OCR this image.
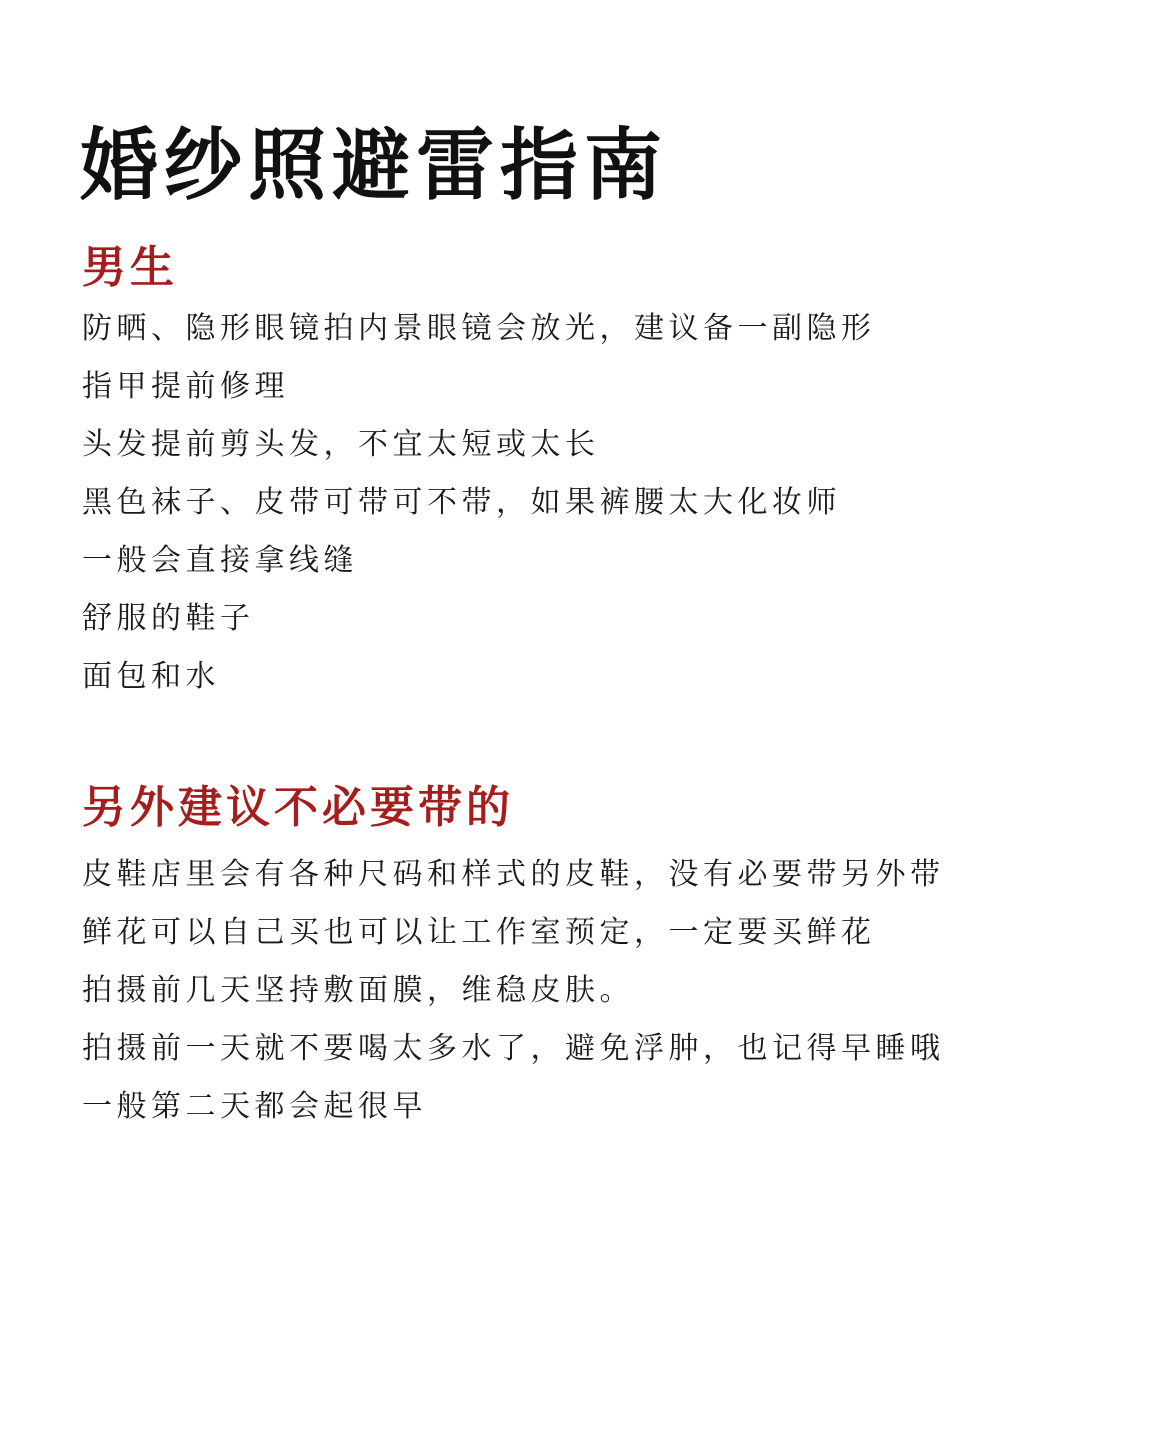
婚纱照避雷指南
男生
防晒、隐形眼镜拍内景眼镜会放光，建议备一副隐形
指甲提前修理
头发提前剪头发，不宜太短或太长
黑色袜子、皮带可带可不带，如果裤腰太大化妆师
一般会直接拿线缝
舒服的鞋子
面包和水
另外建议不必要带的
皮鞋店里会有各种尺码和样式的皮鞋，没有必要带另外带
鲜花可以自己买也可以让工作室预定，一定要买鲜花
拍摄前几天坚持敷面膜，维稳皮肤。
拍摄前一天就不要喝太多水了，避免浮肿，也记得早睡哦
一般第二天都会起很早
